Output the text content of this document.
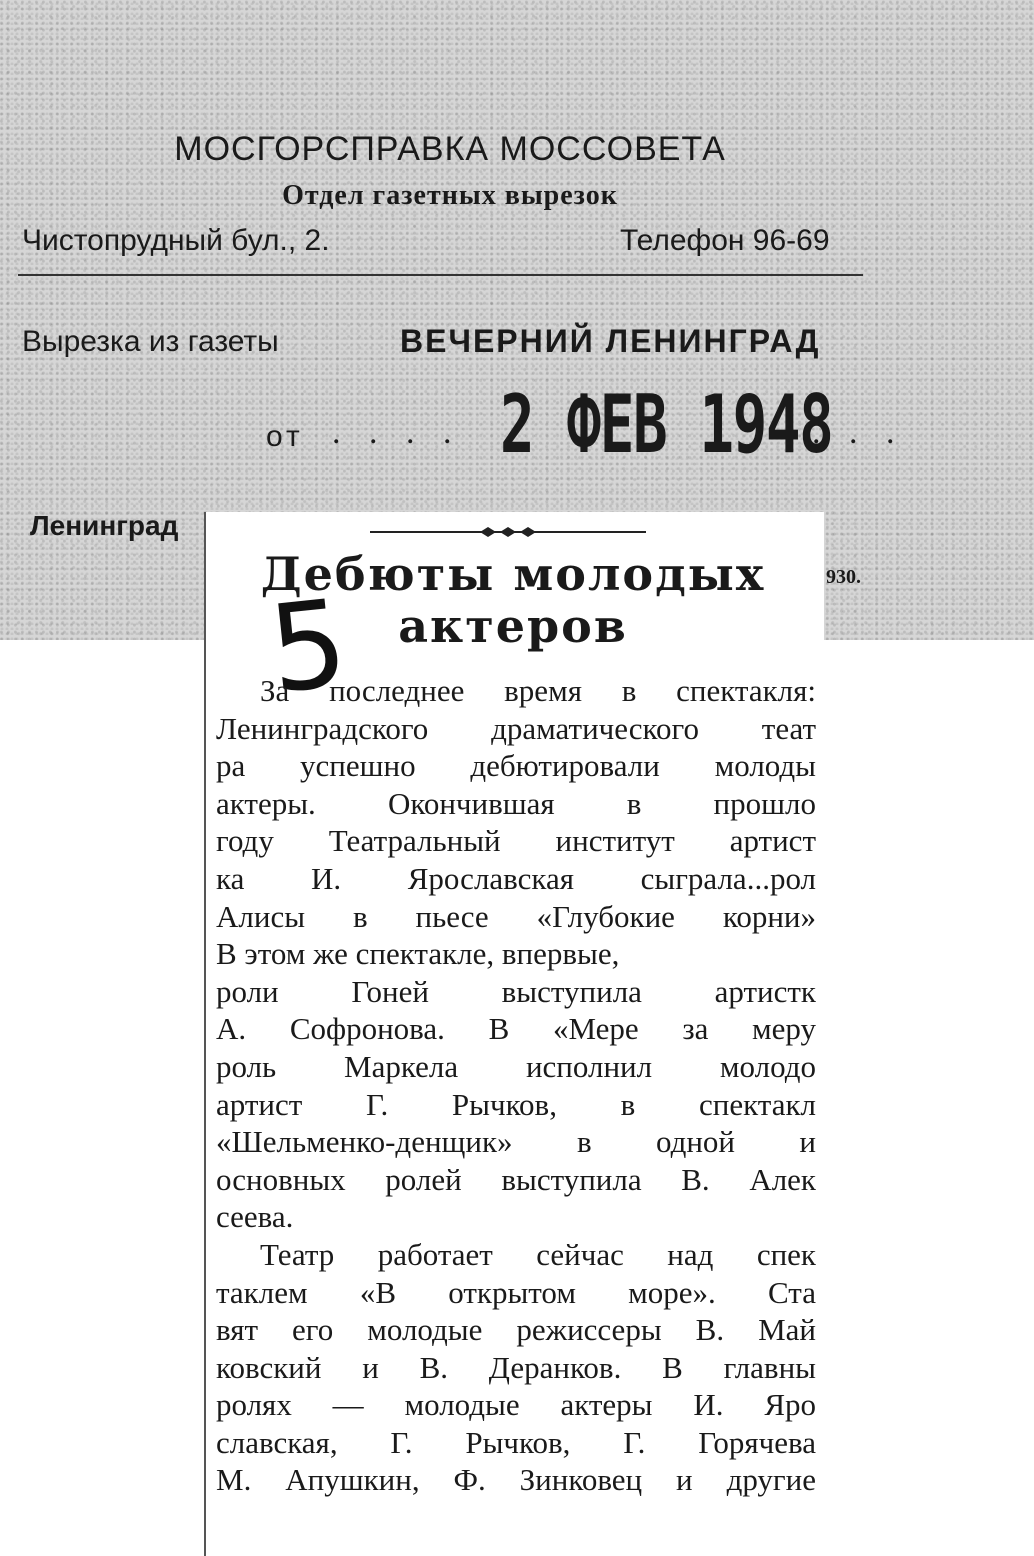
МОСГОРСПРАВКА МОССОВЕТА
Отдел газетных вырезок
Чистопрудный бул., 2.	Телефон 96-69
Вырезка из газеты	ВЕЧЕРНИЙ ЛЕНИНГРАД
от . . . . 2 ФЕВ 1948
. . .
Ленинград
930.
Дебюты молодых
актеров
5

За последнее время в спектакля:
Ленинградского драматического теат
ра успешно дебютировали молоды
актеры. Окончившая в прошло
году Театральный институт артист
ка И. Ярославская сыграла...рол
Алисы в пьесе «Глубокие корни»
В этом же спектакле, впервые,
роли Гоней выступила артистк
А. Софронова. В «Мере за меру
роль Маркела исполнил молодо
артист Г. Рычков, в спектакл
«Шельменко-денщик» в одной и
основных ролей выступила В. Алек
сеева.

Театр работает сейчас над спек
таклем «В открытом море». Ста
вят его молодые режиссеры В. Май
ковский и В. Деранков. В главны
ролях — молодые актеры И. Яро
славская, Г. Рычков, Г. Горячева
М. Апушкин, Ф. Зинковец и другие
